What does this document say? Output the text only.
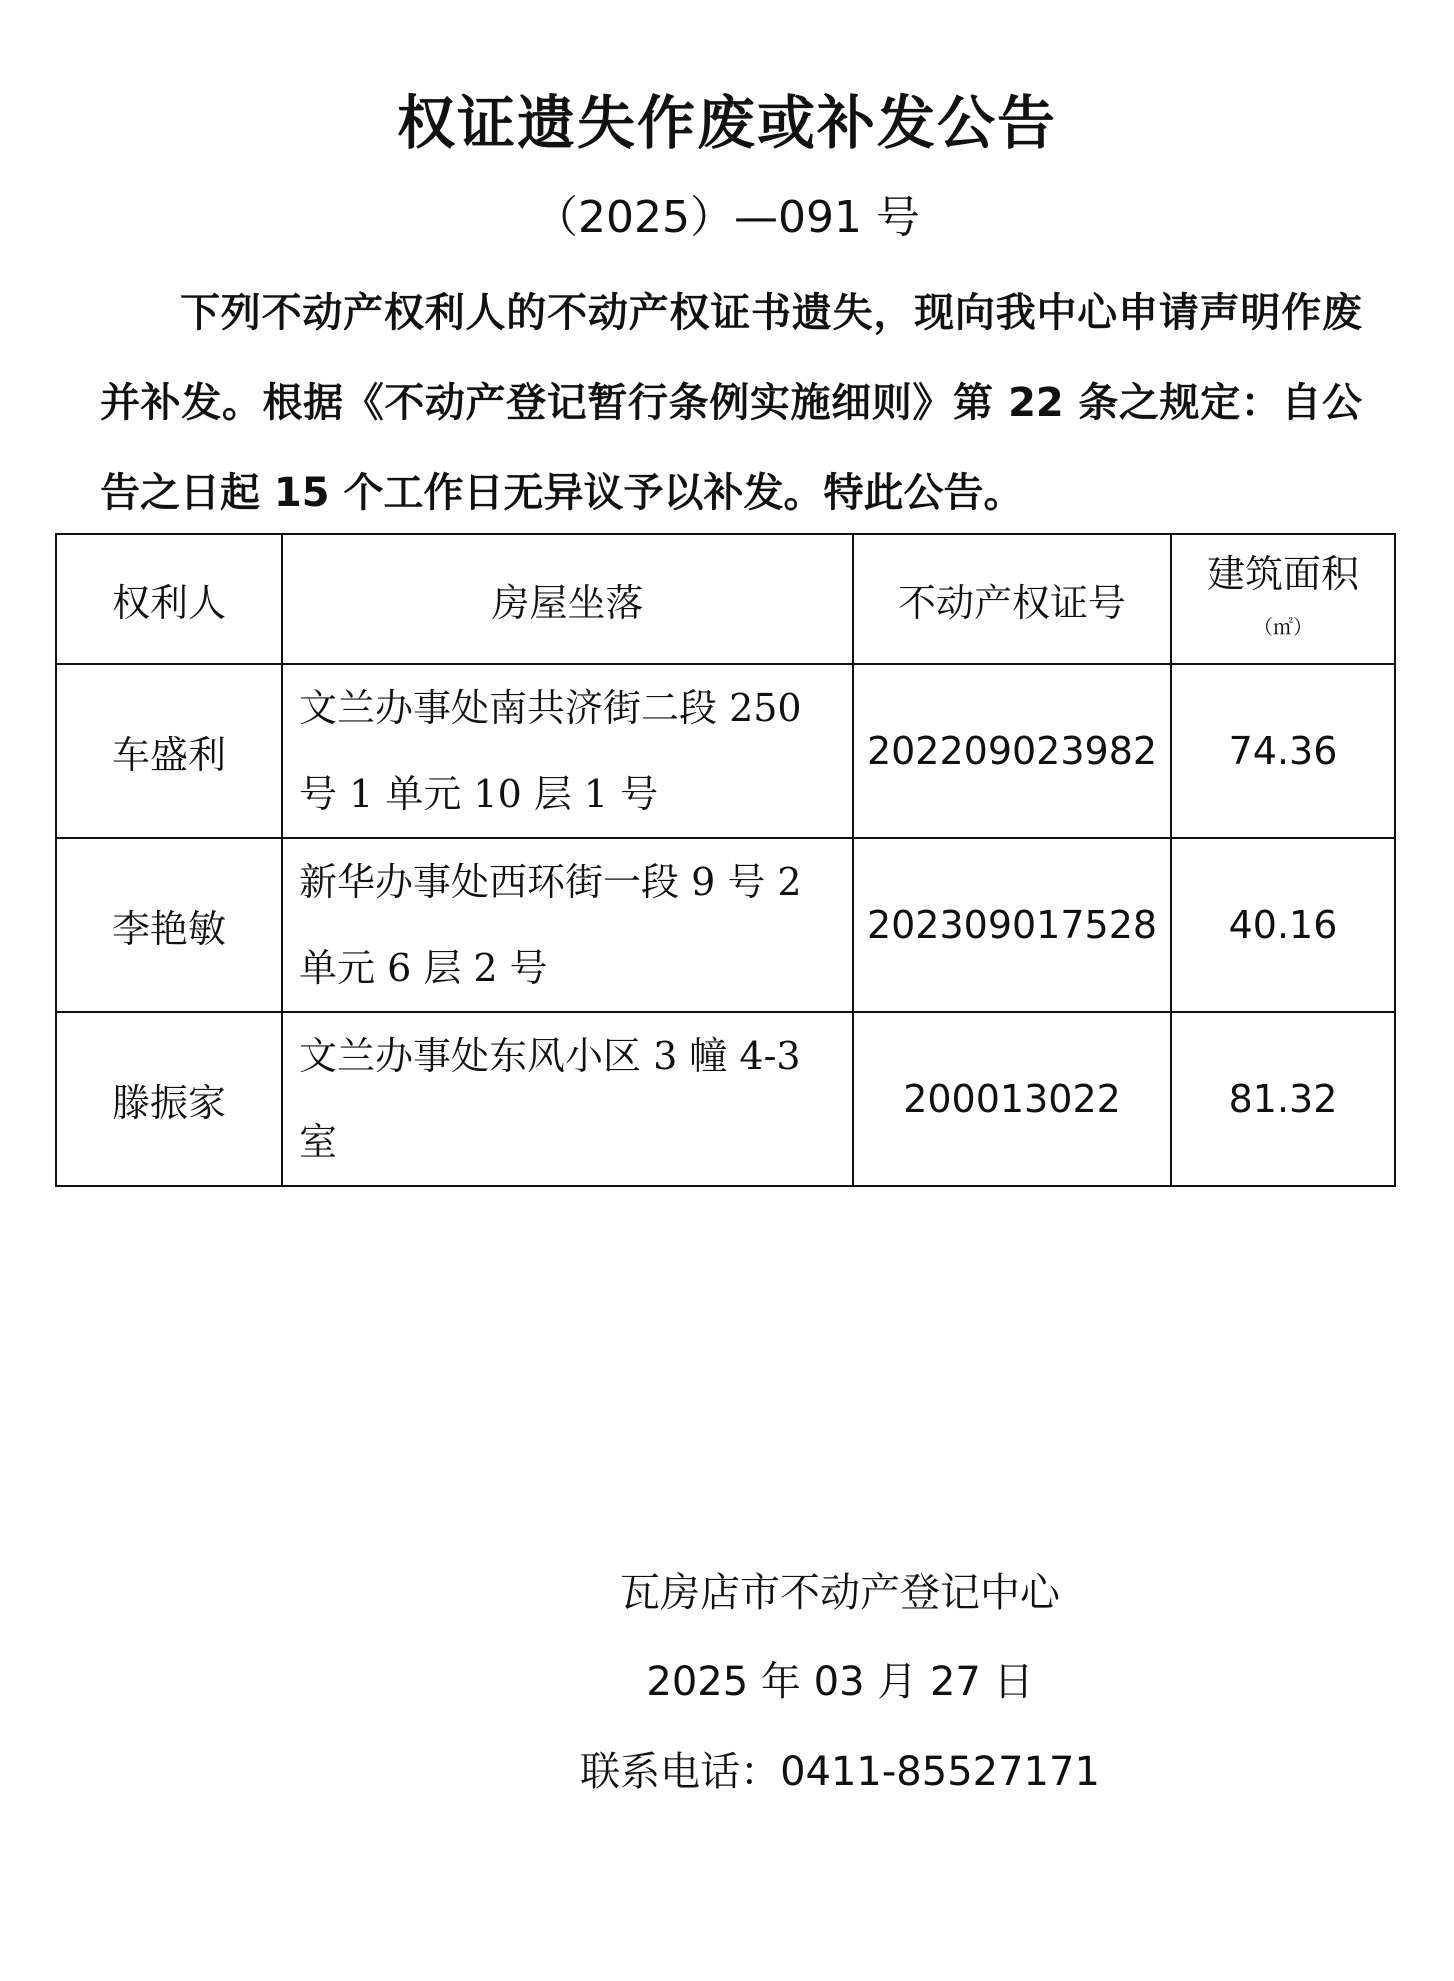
权证遗失作废或补发公告
（2025）—091 号
下列不动产权利人的不动产权证书遗失，现向我中心申请声明作废并补发。根据《不动产登记暂行条例实施细则》第 22 条之规定：自公告之日起 15 个工作日无异议予以补发。特此公告。
权利人	房屋坐落	不动产权证号	建筑面积
（㎡）

车盛利	文兰办事处南共济街二段 250 号 1 单元 10 层 1 号	202209023982	74.36
李艳敏	新华办事处西环街一段 9 号 2 单元 6 层 2 号	202309017528	40.16
滕振家	文兰办事处东风小区 3 幢 4-3 室	200013022	81.32
瓦房店市不动产登记中心
2025 年 03 月 27 日
联系电话：0411-85527171
